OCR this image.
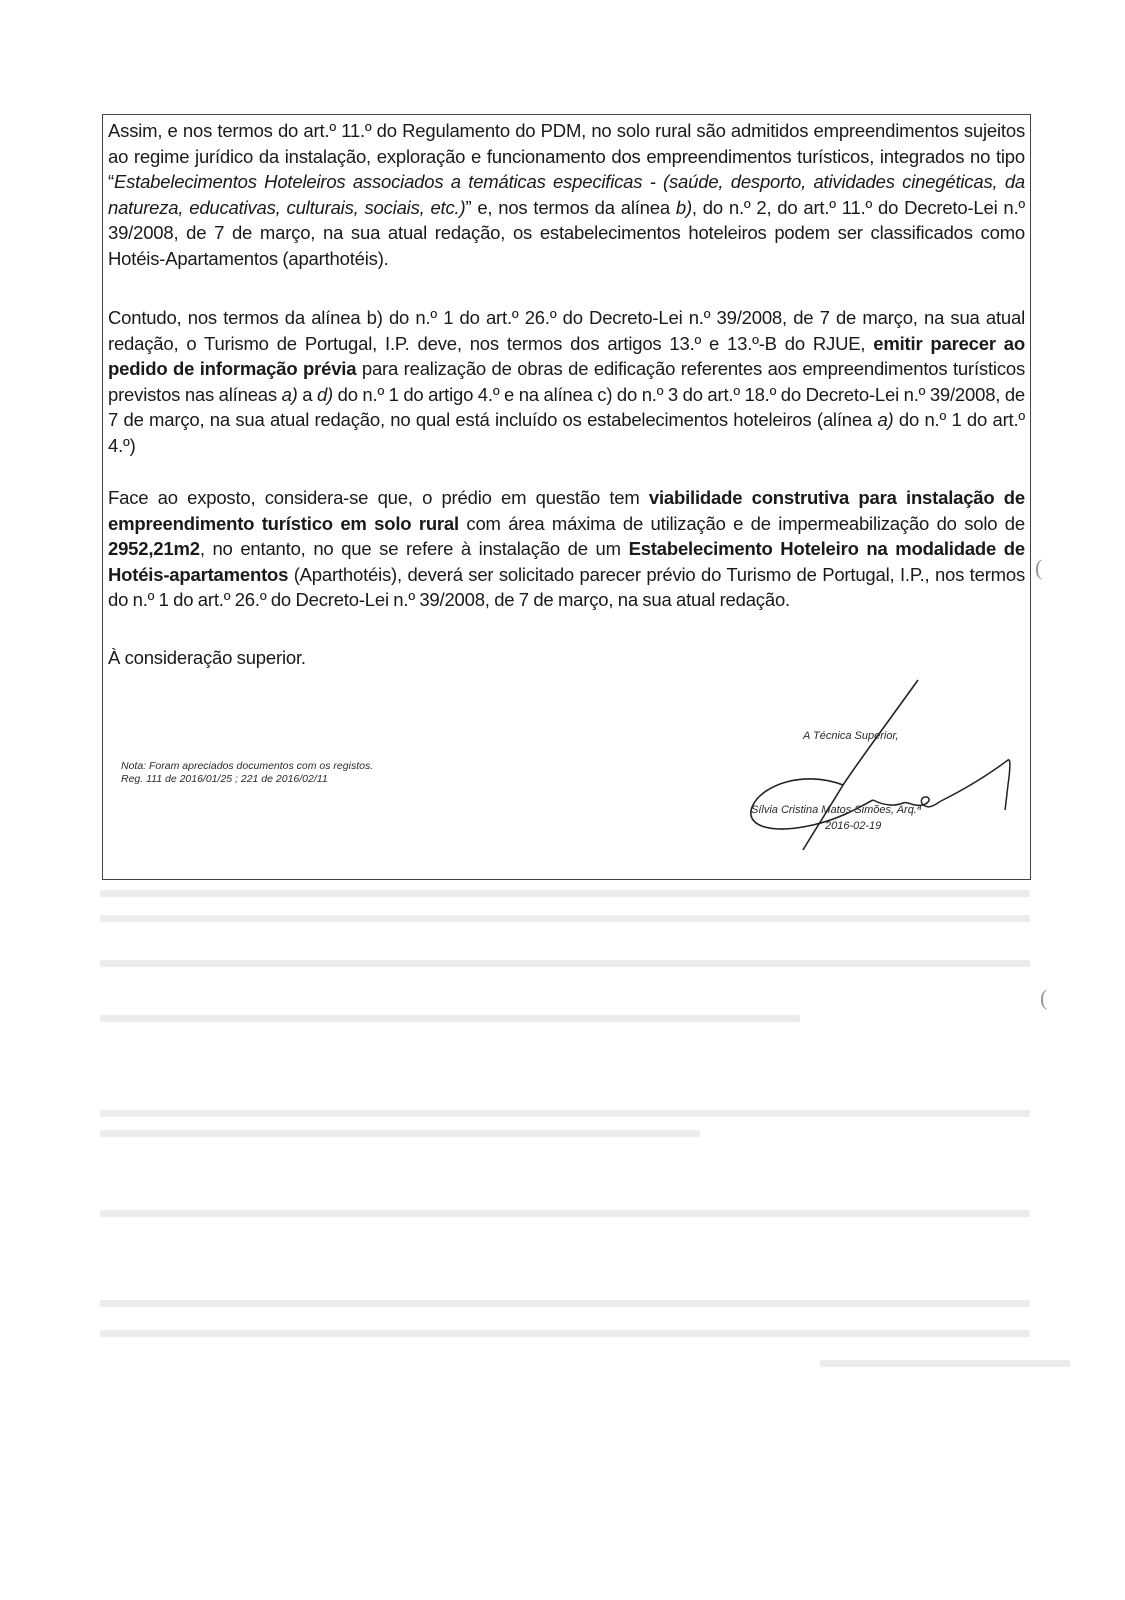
(
(

Assim, e nos termos do art.º 11.º do Regulamento do PDM, no solo rural são admitidos empreendimentos sujeitos ao regime jurídico da instalação, exploração e funcionamento dos empreendimentos turísticos, integrados no tipo “Estabelecimentos Hoteleiros associados a temáticas especificas - (saúde, desporto, atividades cinegéticas, da natureza, educativas, culturais, sociais, etc.)” e, nos termos da alínea b), do n.º 2, do art.º 11.º do Decreto-Lei n.º 39/2008, de 7 de março, na sua atual redação, os estabelecimentos hoteleiros podem ser classificados como Hotéis-Apartamentos (aparthotéis).

Contudo, nos termos da alínea b) do n.º 1 do art.º 26.º do Decreto-Lei n.º 39/2008, de 7 de março, na sua atual redação, o Turismo de Portugal, I.P. deve, nos termos dos artigos 13.º e 13.º-B do RJUE, emitir parecer ao pedido de informação prévia para realização de obras de edificação referentes aos empreendimentos turísticos previstos nas alíneas a) a d) do n.º 1 do artigo 4.º e na alínea c) do n.º 3 do art.º 18.º do Decreto-Lei n.º 39/2008, de 7 de março, na sua atual redação, no qual está incluído os estabelecimentos hoteleiros (alínea a) do n.º 1 do art.º 4.º)

Face ao exposto, considera-se que, o prédio em questão tem viabilidade construtiva para instalação de empreendimento turístico em solo rural com área máxima de utilização e de impermeabilização do solo de 2952,21m2, no entanto, no que se refere à instalação de um Estabelecimento Hoteleiro na modalidade de Hotéis-apartamentos (Aparthotéis), deverá ser solicitado parecer prévio do Turismo de Portugal, I.P., nos termos do n.º 1 do art.º 26.º do Decreto-Lei n.º 39/2008, de 7 de março, na sua atual redação.

À consideração superior.

Nota: Foram apreciados documentos com os registos.
Reg. 111 de 2016/01/25 ; 221 de 2016/02/11

A Técnica Superior,
Sílvia Cristina Matos Simões, Arq.ª
2016-02-19
